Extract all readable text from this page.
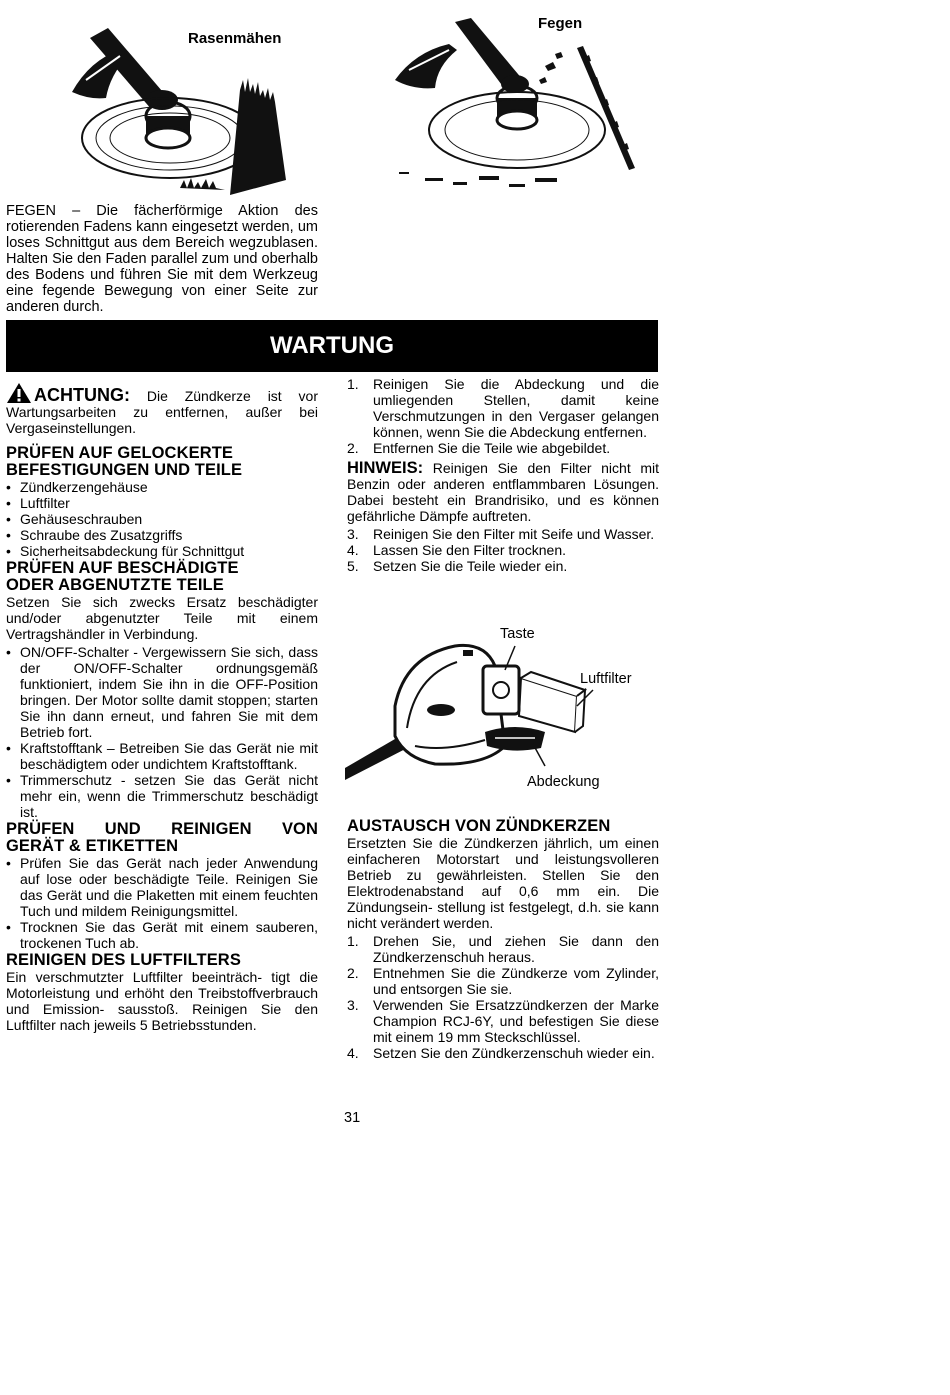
Rasenmähen
Fegen
FEGEN – Die fächerförmige Aktion des rotierenden Fadens kann eingesetzt werden, um loses Schnittgut aus dem Bereich wegzublasen. Halten Sie den Faden parallel zum und oberhalb des Bodens und führen Sie mit dem Werkzeug eine fegende Bewegung von einer Seite zur anderen durch.
WARTUNG
ACHTUNG: Die Zündkerze ist vor Wartungsarbeiten zu entfernen, außer bei Vergaseinstellungen.
PRÜFEN AUF GELOCKERTE
BEFESTIGUNGEN UND TEILE
• Zündkerzengehäuse
• Luftfilter
• Gehäuseschrauben
• Schraube des Zusatzgriffs
• Sicherheitsabdeckung für Schnittgut
PRÜFEN AUF BESCHÄDIGTE
ODER ABGENUTZTE TEILE

Setzen Sie sich zwecks Ersatz beschädigter und/oder abgenutzter Teile mit einem Vertragshändler in Verbindung.

• ON/OFF-Schalter - Vergewissern Sie sich, dass der ON/OFF-Schalter ordnungsgemäß funktioniert, indem Sie ihn in die OFF-Position bringen. Der Motor sollte damit stoppen; starten Sie ihn dann erneut, und fahren Sie mit dem Betrieb fort.
• Kraftstofftank – Betreiben Sie das Gerät nie mit beschädigtem oder undichtem Kraftstofftank.
• Trimmerschutz - setzen Sie das Gerät nicht mehr ein, wenn die Trimmerschutz beschädigt ist.
PRÜFEN UND REINIGEN VON
GERÄT & ETIKETTEN
• Prüfen Sie das Gerät nach jeder Anwendung auf lose oder beschädigte Teile. Reinigen Sie das Gerät und die Plaketten mit einem feuchten Tuch und mildem Reinigungsmittel.
• Trocknen Sie das Gerät mit einem sauberen, trockenen Tuch ab.
REINIGEN DES LUFTFILTERS

Ein verschmutzter Luftfilter beeinträch- tigt die Motorleistung und erhöht den Treibstoffverbrauch und Emission- sausstoß. Reinigen Sie den Luftfilter nach jeweils 5 Betriebsstunden.

1. Reinigen Sie die Abdeckung und die umliegenden Stellen, damit keine Verschmutzungen in den Vergaser gelangen können, wenn Sie die Abdeckung entfernen.
2. Entfernen Sie die Teile wie abgebildet.

HINWEIS: Reinigen Sie den Filter nicht mit Benzin oder anderen entflammbaren Lösungen. Dabei besteht ein Brandrisiko, und es können gefährliche Dämpfe auftreten.

3. Reinigen Sie den Filter mit Seife und Wasser.
4. Lassen Sie den Filter trocknen.
5. Setzen Sie die Teile wieder ein.
Taste
Luftfilter
Abdeckung
AUSTAUSCH VON ZÜNDKERZEN

Ersetzten Sie die Zündkerzen jährlich, um einen einfacheren Motorstart und leistungsvolleren Betrieb zu gewährleisten. Stellen Sie den Elektrodenabstand auf 0,6 mm ein. Die Zündungsein- stellung ist festgelegt, d.h. sie kann nicht verändert werden.

1. Drehen Sie, und ziehen Sie dann den Zündkerzenschuh heraus.
2. Entnehmen Sie die Zündkerze vom Zylinder, und entsorgen Sie sie.
3. Verwenden Sie Ersatzzündkerzen der Marke Champion RCJ-6Y, und befestigen Sie diese mit einem 19 mm Steckschlüssel.
4. Setzen Sie den Zündkerzenschuh wieder ein.
31
